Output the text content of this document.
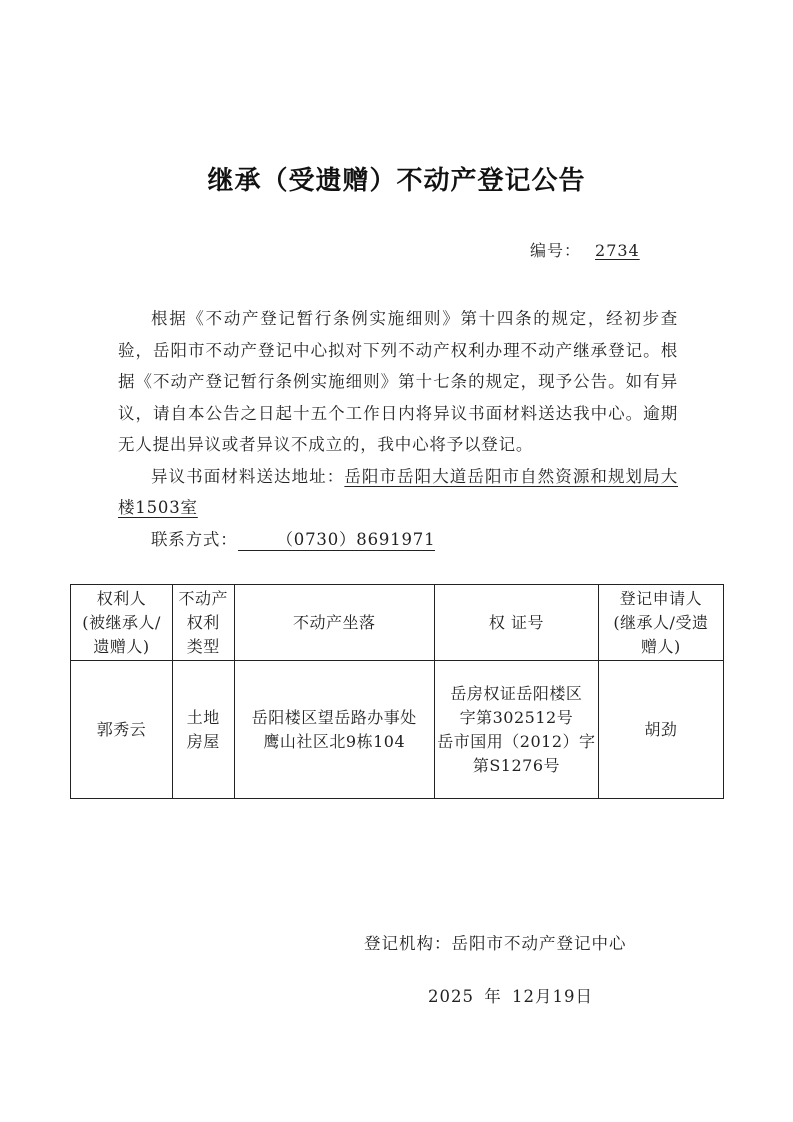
继承（受遗赠）不动产登记公告
编号： 2734

根据《不动产登记暂行条例实施细则》第十四条的规定，经初步查验，岳阳市不动产登记中心拟对下列不动产权利办理不动产继承登记。根据《不动产登记暂行条例实施细则》第十七条的规定，现予公告。如有异议，请自本公告之日起十五个工作日内将异议书面材料送达我中心。逾期无人提出异议或者异议不成立的，我中心将予以登记。

异议书面材料送达地址：岳阳市岳阳大道岳阳市自然资源和规划局大楼1503室

联系方式： （0730）8691971

权利人
(被继承人/
遗赠人)	不动产
权利
类型	不动产坐落	权 证号	登记申请人
(继承人/受遗
赠人)

郭秀云	土地
房屋	岳阳楼区望岳路办事处
鹰山社区北9栋104	岳房权证岳阳楼区
字第302512号
岳市国用（2012）字
第S1276号	胡劲
登记机构：岳阳市不动产登记中心
2025 年 12月19日
